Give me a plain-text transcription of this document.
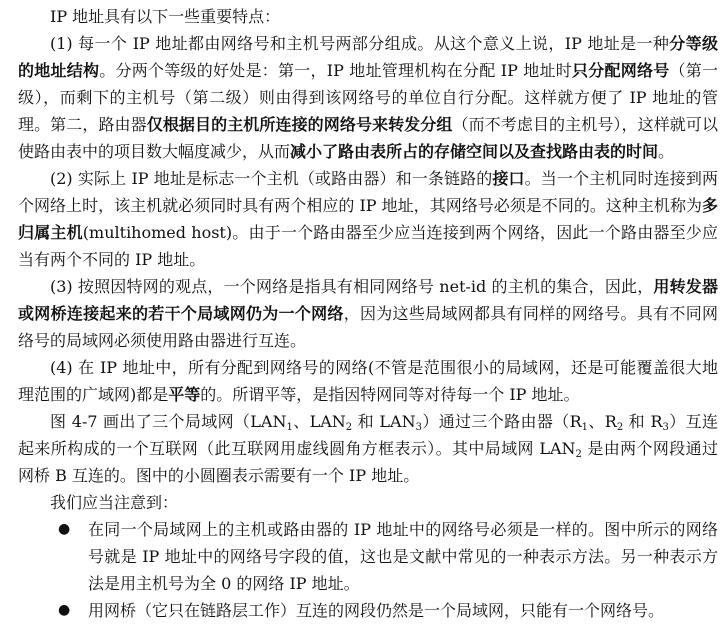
IP 地址具有以下一些重要特点：

(1) 每一个 IP 地址都由网络号和主机号两部分组成。从这个意义上说，IP 地址是一种分等级的地址结构。分两个等级的好处是：第一，IP 地址管理机构在分配 IP 地址时只分配网络号（第一级），而剩下的主机号（第二级）则由得到该网络号的单位自行分配。这样就方便了 IP 地址的管理。第二，路由器仅根据目的主机所连接的网络号来转发分组（而不考虑目的主机号），这样就可以使路由表中的项目数大幅度减少，从而减小了路由表所占的存储空间以及查找路由表的时间。

(2) 实际上 IP 地址是标志一个主机（或路由器）和一条链路的接口。当一个主机同时连接到两个网络上时，该主机就必须同时具有两个相应的 IP 地址，其网络号必须是不同的。这种主机称为多归属主机(multihomed host)。由于一个路由器至少应当连接到两个网络，因此一个路由器至少应当有两个不同的 IP 地址。

(3) 按照因特网的观点，一个网络是指具有相同网络号 net-id 的主机的集合，因此，用转发器或网桥连接起来的若干个局域网仍为一个网络，因为这些局域网都具有同样的网络号。具有不同网络号的局域网必须使用路由器进行互连。

(4) 在 IP 地址中，所有分配到网络号的网络(不管是范围很小的局域网，还是可能覆盖很大地理范围的广域网)都是平等的。所谓平等，是指因特网同等对待每一个 IP 地址。

图 4-7 画出了三个局域网（$LAN_1$、$LAN_2$ 和 $LAN_3$）通过三个路由器（$R_1$、$R_2$ 和 $R_3$）互连起来所构成的一个互联网（此互联网用虚线圆角方框表示）。其中局域网 $LAN_2$ 是由两个网段通过网桥 B 互连的。图中的小圆圈表示需要有一个 IP 地址。

我们应当注意到：

● 在同一个局域网上的主机或路由器的 IP 地址中的网络号必须是一样的。图中所示的网络号就是 IP 地址中的网络号字段的值，这也是文献中常见的一种表示方法。另一种表示方法是用主机号为全 0 的网络 IP 地址。
● 用网桥（它只在链路层工作）互连的网段仍然是一个局域网，只能有一个网络号。
